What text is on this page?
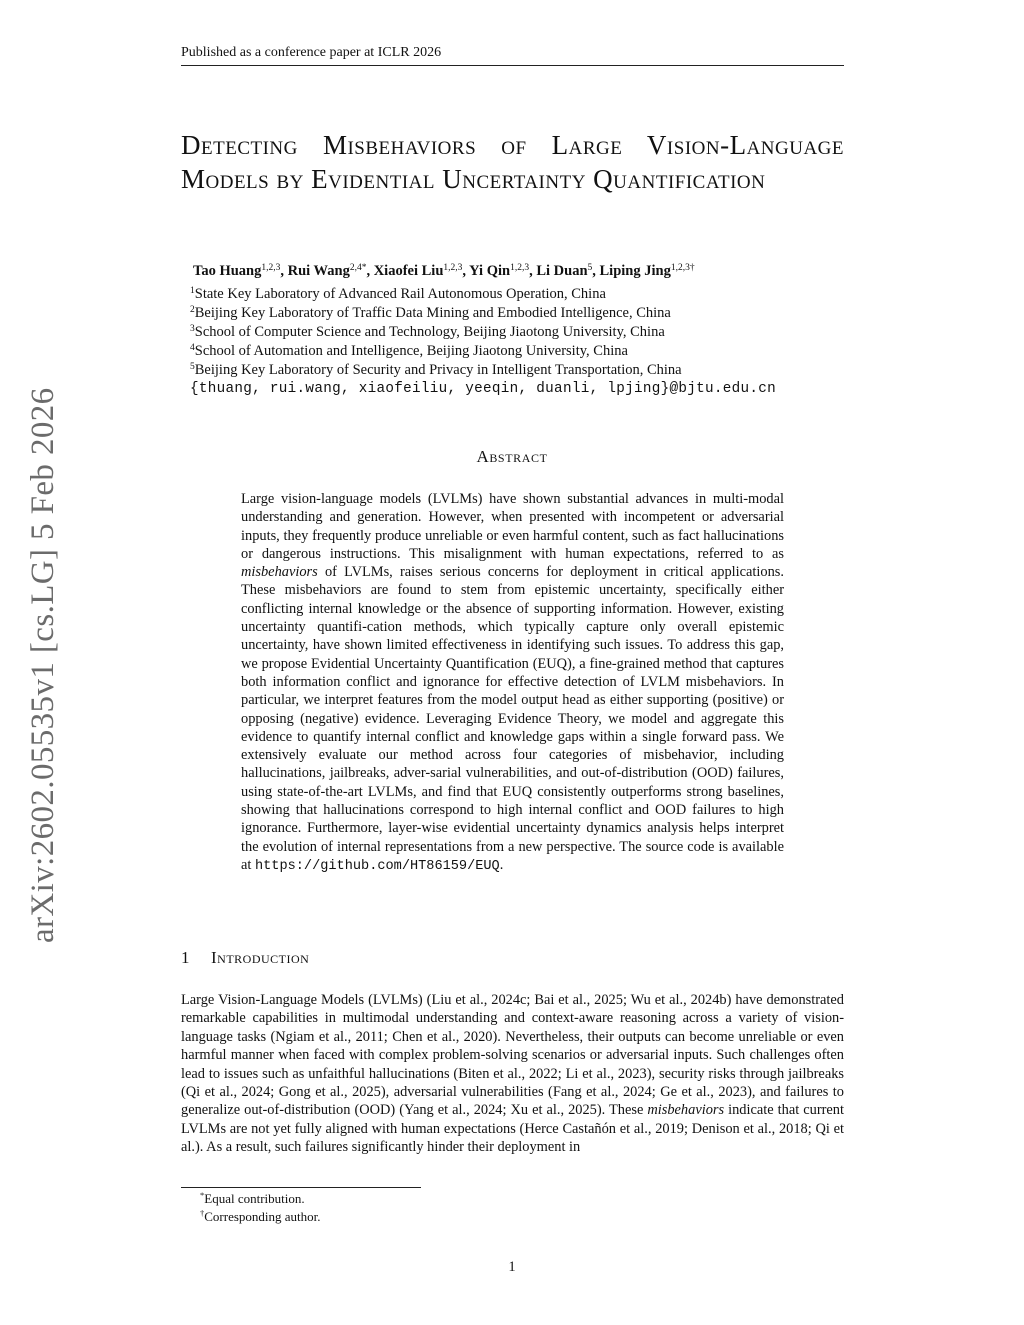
Published as a conference paper at ICLR 2026
arXiv:2602.05535v1 [cs.LG] 5 Feb 2026
Detecting Misbehaviors of Large Vision-Language Models by Evidential Uncertainty Quantification
Tao Huang$^{1,2,3}$, Rui Wang$^{2,4*}$, Xiaofei Liu$^{1,2,3}$, Yi Qin$^{1,2,3}$, Li Duan$^5$, Liping Jing$^{1,2,3\dagger}$
$^1$State Key Laboratory of Advanced Rail Autonomous Operation, China
$^2$Beijing Key Laboratory of Traffic Data Mining and Embodied Intelligence, China
$^3$School of Computer Science and Technology, Beijing Jiaotong University, China
$^4$School of Automation and Intelligence, Beijing Jiaotong University, China
$^5$Beijing Key Laboratory of Security and Privacy in Intelligent Transportation, China
{thuang, rui.wang, xiaofeiliu, yeeqin, duanli, lpjing}@bjtu.edu.cn
Abstract

Large vision-language models (LVLMs) have shown substantial advances in multi-modal understanding and generation. However, when presented with incompetent or adversarial inputs, they frequently produce unreliable or even harmful content, such as fact hallucinations or dangerous instructions. This misalignment with human expectations, referred to as misbehaviors of LVLMs, raises serious concerns for deployment in critical applications. These misbehaviors are found to stem from epistemic uncertainty, specifically either conflicting internal knowledge or the absence of supporting information. However, existing uncertainty quantifi-cation methods, which typically capture only overall epistemic uncertainty, have shown limited effectiveness in identifying such issues. To address this gap, we propose Evidential Uncertainty Quantification (EUQ), a fine-grained method that captures both information conflict and ignorance for effective detection of LVLM misbehaviors. In particular, we interpret features from the model output head as either supporting (positive) or opposing (negative) evidence. Leveraging Evidence Theory, we model and aggregate this evidence to quantify internal conflict and knowledge gaps within a single forward pass. We extensively evaluate our method across four categories of misbehavior, including hallucinations, jailbreaks, adver-sarial vulnerabilities, and out-of-distribution (OOD) failures, using state-of-the-art LVLMs, and find that EUQ consistently outperforms strong baselines, showing that hallucinations correspond to high internal conflict and OOD failures to high ignorance. Furthermore, layer-wise evidential uncertainty dynamics analysis helps interpret the evolution of internal representations from a new perspective. The source code is available at https://github.com/HT86159/EUQ.

1 Introduction

Large Vision-Language Models (LVLMs) (Liu et al., 2024c; Bai et al., 2025; Wu et al., 2024b) have demonstrated remarkable capabilities in multimodal understanding and context-aware reasoning across a variety of vision-language tasks (Ngiam et al., 2011; Chen et al., 2020). Nevertheless, their outputs can become unreliable or even harmful manner when faced with complex problem-solving scenarios or adversarial inputs. Such challenges often lead to issues such as unfaithful hallucinations (Biten et al., 2022; Li et al., 2023), security risks through jailbreaks (Qi et al., 2024; Gong et al., 2025), adversarial vulnerabilities (Fang et al., 2024; Ge et al., 2023), and failures to generalize out-of-distribution (OOD) (Yang et al., 2024; Xu et al., 2025). These misbehaviors indicate that current LVLMs are not yet fully aligned with human expectations (Herce Castañón et al., 2019; Denison et al., 2018; Qi et al.). As a result, such failures significantly hinder their deployment in

*Equal contribution.
†Corresponding author.
1
